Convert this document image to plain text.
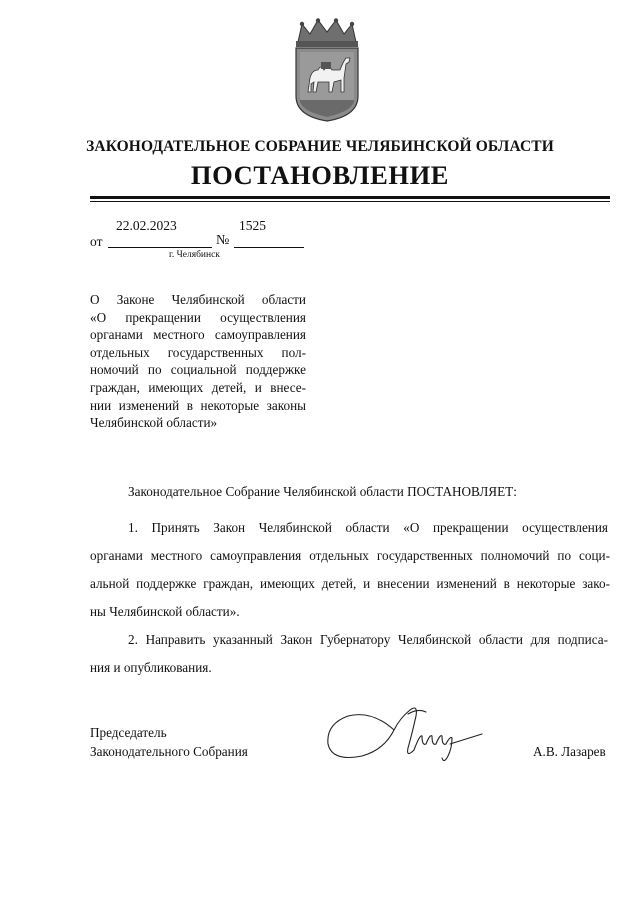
ЗАКОНОДАТЕЛЬНОЕ СОБРАНИЕ ЧЕЛЯБИНСКОЙ ОБЛАСТИ
ПОСТАНОВЛЕНИЕ
от
22.02.2023
№
1525
г. Челябинск
О Законе Челябинской области
«О прекращении осуществления
органами местного самоуправления
отдельных государственных пол-
номочий по социальной поддержке
граждан, имеющих детей, и внесе-
нии изменений в некоторые законы
Челябинской области»
Законодательное Собрание Челябинской области ПОСТАНОВЛЯЕТ:
1. Принять Закон Челябинской области «О прекращении осуществления
органами местного самоуправления отдельных государственных полномочий по соци-
альной поддержке граждан, имеющих детей, и внесении изменений в некоторые зако-
ны Челябинской области».
2. Направить указанный Закон Губернатору Челябинской области для подписа-
ния и опубликования.
Председатель
Законодательного Собрания	А.В. Лазарев
